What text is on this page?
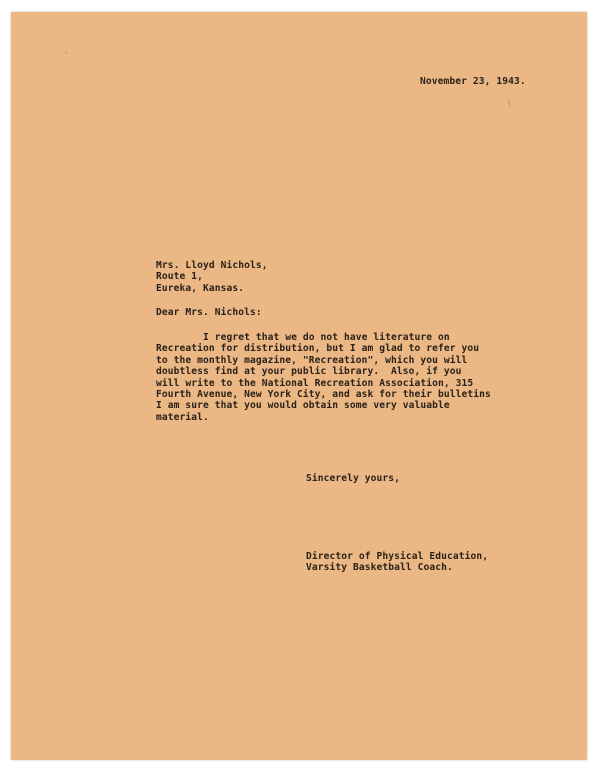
\
,

November 23, 1943.

Mrs. Lloyd Nichols,
Route 1,
Eureka, Kansas.

Dear Mrs. Nichols:

I regret that we do not have literature on
Recreation for distribution, but I am glad to refer you
to the monthly magazine, "Recreation", which you will
doubtless find at your public library.  Also, if you
will write to the National Recreation Association, 315
Fourth Avenue, New York City, and ask for their bulletins
I am sure that you would obtain some very valuable
material.

Sincerely yours,

Director of Physical Education,
Varsity Basketball Coach.
